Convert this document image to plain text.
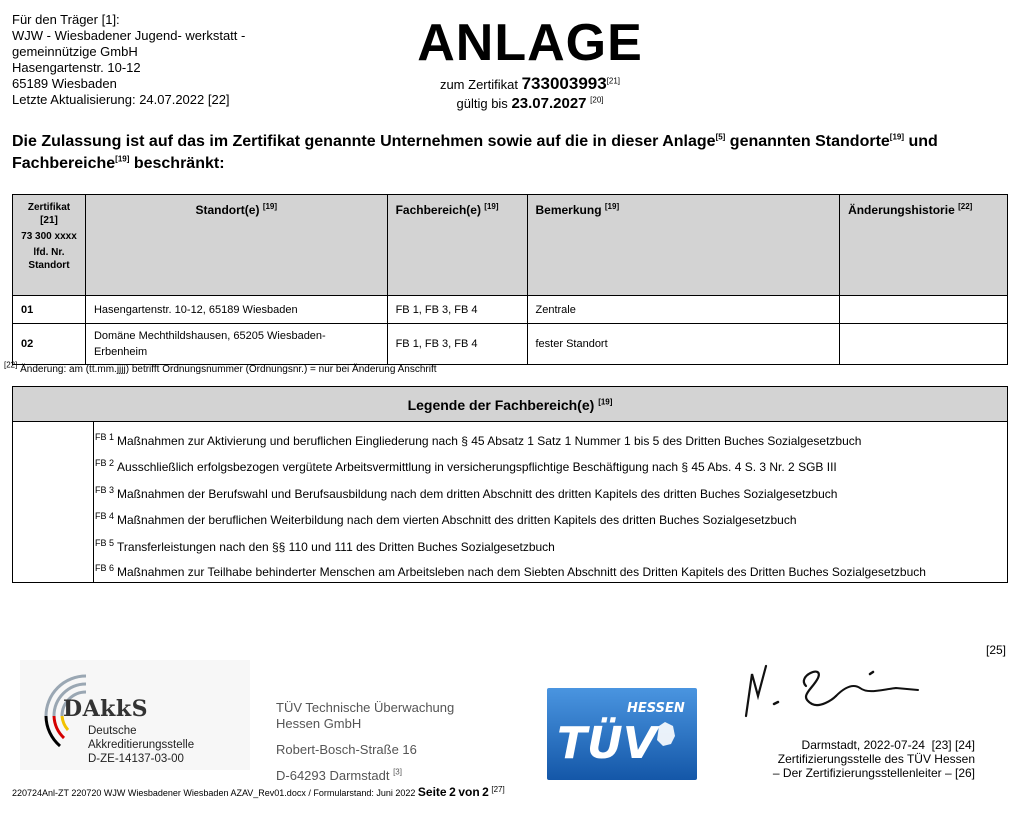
Für den Träger [1]:
WJW - Wiesbadener Jugend- werkstatt -
gemeinnützige GmbH
Hasengartenstr. 10-12
65189 Wiesbaden
Letzte Aktualisierung: 24.07.2022 [22]
ANLAGE
zum Zertifikat 733003993[21]
gültig bis 23.07.2027 [20]
Die Zulassung ist auf das im Zertifikat genannte Unternehmen sowie auf die in dieser Anlage[5] genannten Standorte[19] und Fachbereiche[19] beschränkt:
Zertifikat
[21]
73 300 xxxx
lfd. Nr.
Standort	Standort(e) [19]	Fachbereich(e) [19]	Bemerkung [19]	Änderungshistorie [22]
01	Hasengartenstr. 10-12, 65189 Wiesbaden	FB 1, FB 3, FB 4	Zentrale	
02	Domäne Mechthildshausen, 65205 Wiesbaden-
Erbenheim	FB 1, FB 3, FB 4	fester Standort	
[22] Änderung: am (tt.mm.jjjj) betrifft Ordnungsnummer (Ordnungsnr.) = nur bei Änderung Anschrift
Legende der Fachbereich(e) [19]
$^{FB 1}$ Maßnahmen zur Aktivierung und beruflichen Eingliederung nach § 45 Absatz 1 Satz 1 Nummer 1 bis 5 des Dritten Buches Sozialgesetzbuch
$^{FB 2}$ Ausschließlich erfolgsbezogen vergütete Arbeitsvermittlung in versicherungspflichtige Beschäftigung nach § 45 Abs. 4 S. 3 Nr. 2 SGB III
$^{FB 3}$ Maßnahmen der Berufswahl und Berufsausbildung nach dem dritten Abschnitt des dritten Kapitels des dritten Buches Sozialgesetzbuch
$^{FB 4}$ Maßnahmen der beruflichen Weiterbildung nach dem vierten Abschnitt des dritten Kapitels des dritten Buches Sozialgesetzbuch
$^{FB 5}$ Transferleistungen nach den §§ 110 und 111 des Dritten Buches Sozialgesetzbuch
$^{FB 6}$ Maßnahmen zur Teilhabe behinderter Menschen am Arbeitsleben nach dem Siebten Abschnitt des Dritten Kapitels des Dritten Buches Sozialgesetzbuch
[25]
DAkkS
Deutsche
Akkreditierungsstelle
D-ZE-14137-03-00
TÜV Technische Überwachung
Hessen GmbH
Robert-Bosch-Straße 16
D-64293 Darmstadt [3]
TÜV
HESSEN
Darmstadt, 2022-07-24 [23] [24]
Zertifizierungsstelle des TÜV Hessen
– Der Zertifizierungsstellenleiter – [26]
220724Anl-ZT 220720 WJW Wiesbadener Wiesbaden AZAV_Rev01.docx / Formularstand: Juni 2022 Seite 2 von 2 [27]
